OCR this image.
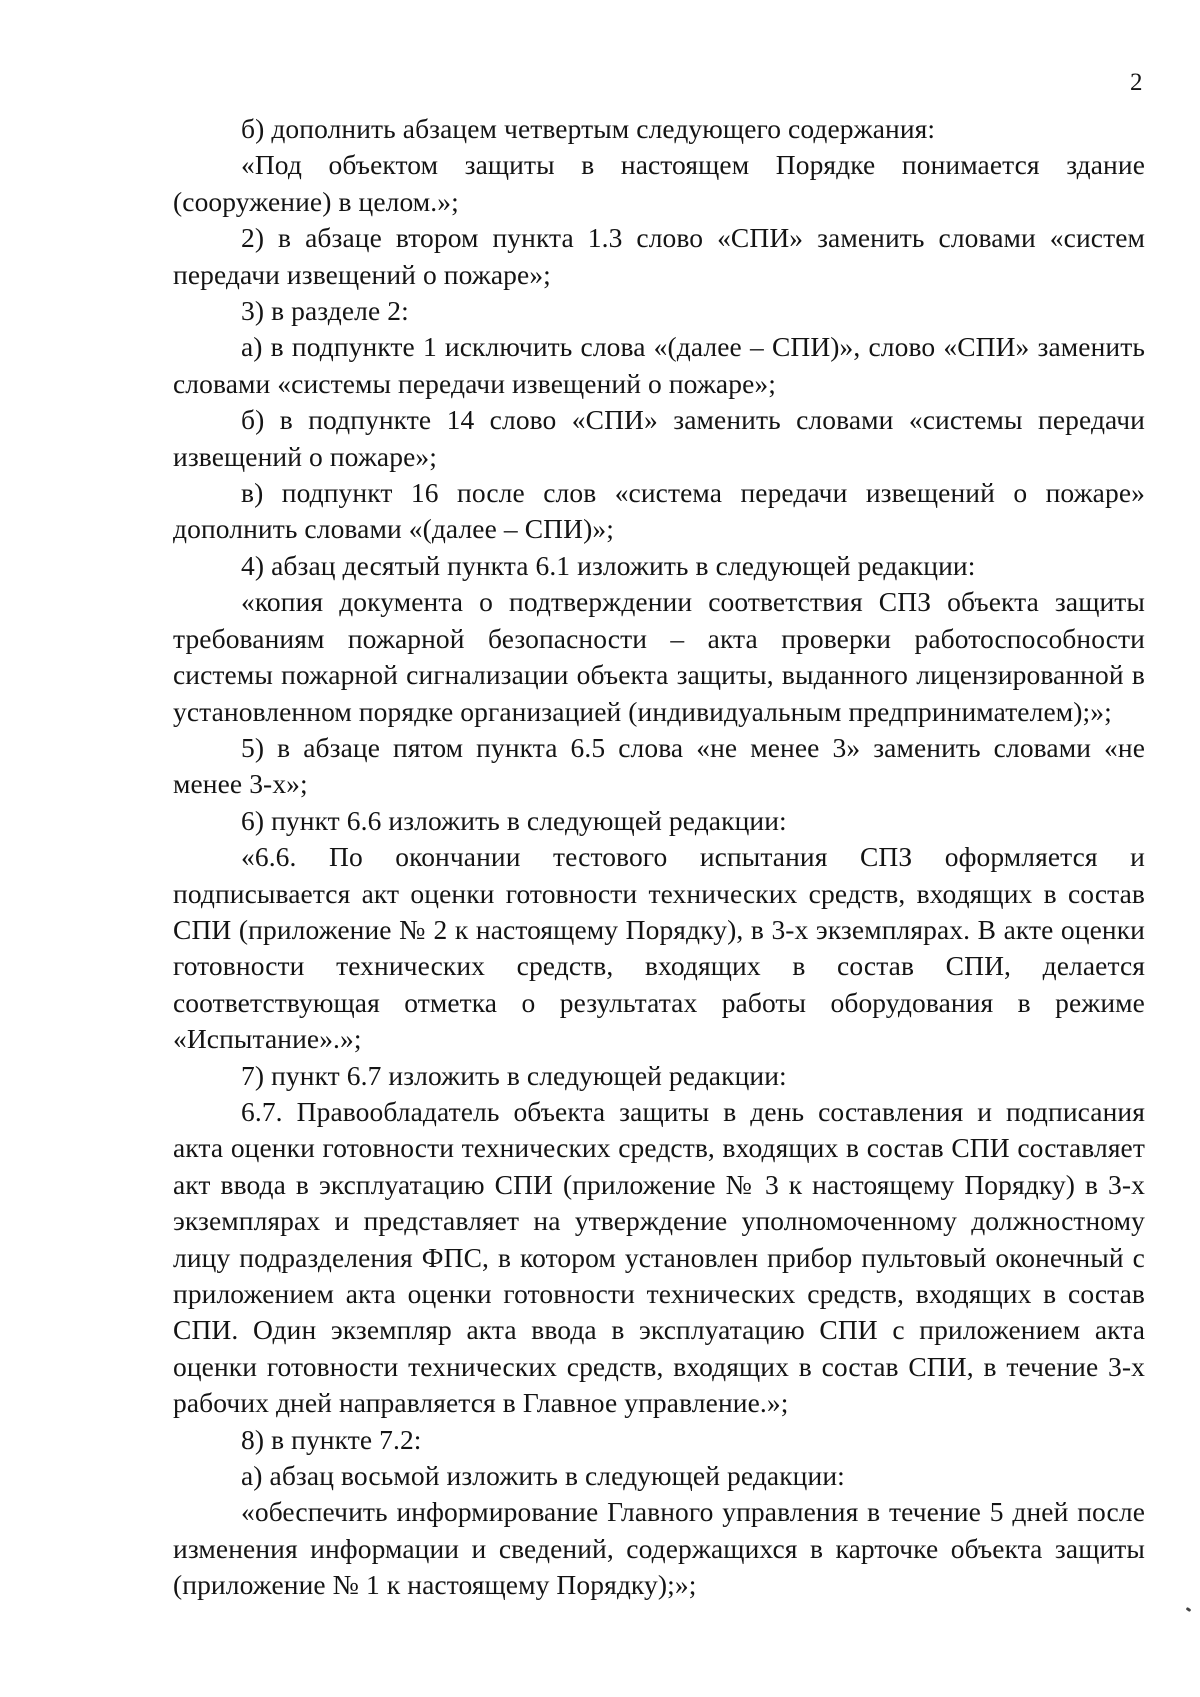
2

б) дополнить абзацем четвертым следующего содержания:

«Под объектом защиты в настоящем Порядке понимается здание (сооружение) в целом.»;

2) в абзаце втором пункта 1.3 слово «СПИ» заменить словами «систем передачи извещений о пожаре»;

3) в разделе 2:

а) в подпункте 1 исключить слова «(далее – СПИ)», слово «СПИ» заменить словами «системы передачи извещений о пожаре»;

б) в подпункте 14 слово «СПИ» заменить словами «системы передачи извещений о пожаре»;

в) подпункт 16 после слов «система передачи извещений о пожаре» дополнить словами «(далее – СПИ)»;

4) абзац десятый пункта 6.1 изложить в следующей редакции:

«копия документа о подтверждении соответствия СПЗ объекта защиты требованиям пожарной безопасности – акта проверки работоспособности системы пожарной сигнализации объекта защиты, выданного лицензированной в установленном порядке организацией (индивидуальным предпринимателем);»;

5) в абзаце пятом пункта 6.5 слова «не менее 3» заменить словами «не менее 3-х»;

6) пункт 6.6 изложить в следующей редакции:

«6.6. По окончании тестового испытания СПЗ оформляется и подписывается акт оценки готовности технических средств, входящих в состав СПИ (приложение № 2 к настоящему Порядку), в 3-х экземплярах. В акте оценки готовности технических средств, входящих в состав СПИ, делается соответствующая отметка о результатах работы оборудования в режиме «Испытание».»;

7) пункт 6.7 изложить в следующей редакции:

6.7. Правообладатель объекта защиты в день составления и подписания акта оценки готовности технических средств, входящих в состав СПИ составляет акт ввода в эксплуатацию СПИ (приложение № 3 к настоящему Порядку) в 3-х экземплярах и представляет на утверждение уполномоченному должностному лицу подразделения ФПС, в котором установлен прибор пультовый оконечный с приложением акта оценки готовности технических средств, входящих в состав СПИ. Один экземпляр акта ввода в эксплуатацию СПИ с приложением акта оценки готовности технических средств, входящих в состав СПИ, в течение 3-х рабочих дней направляется в Главное управление.»;

8) в пункте 7.2:

а) абзац восьмой изложить в следующей редакции:

«обеспечить информирование Главного управления в течение 5 дней после изменения информации и сведений, содержащихся в карточке объекта защиты (приложение № 1 к настоящему Порядку);»;
